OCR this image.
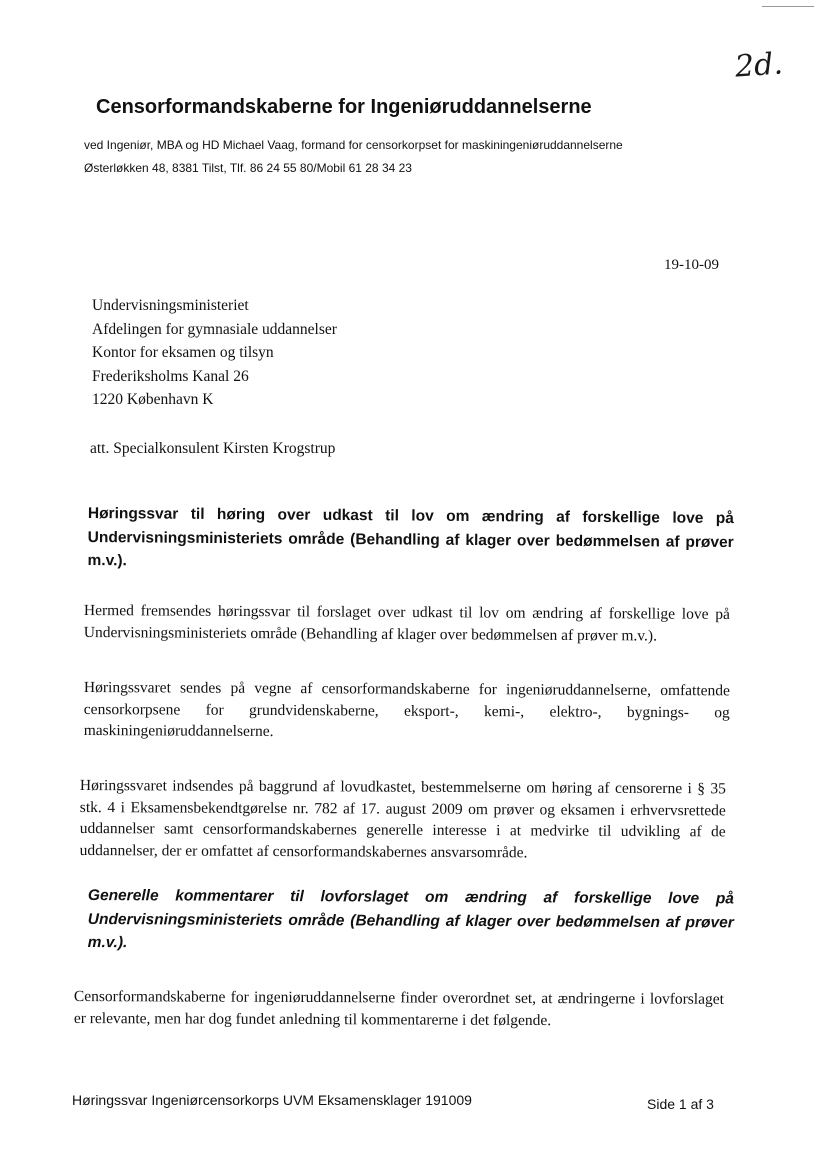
2d.
Censorformandskaberne for Ingeniøruddannelserne
ved Ingeniør, MBA og HD Michael Vaag, formand for censorkorpset for maskiningeniøruddannelserne
Østerløkken 48, 8381 Tilst, Tlf. 86 24 55 80/Mobil 61 28 34 23
19-10-09
Undervisningsministeriet
Afdelingen for gymnasiale uddannelser
Kontor for eksamen og tilsyn
Frederiksholms Kanal 26
1220 København K
att. Specialkonsulent Kirsten Krogstrup
Høringssvar til høring over udkast til lov om ændring af forskellige love på Undervisningsministeriets område (Behandling af klager over bedømmelsen af prøver m.v.).
Hermed fremsendes høringssvar til forslaget over udkast til lov om ændring af forskellige love på Undervisningsministeriets område (Behandling af klager over bedømmelsen af prøver m.v.).
Høringssvaret sendes på vegne af censorformandskaberne for ingeniøruddannelserne, omfattende censorkorpsene for grundvidenskaberne, eksport-, kemi-, elektro-, bygnings- og maskiningeniøruddannelserne.
Høringssvaret indsendes på baggrund af lovudkastet, bestemmelserne om høring af censorerne i § 35 stk. 4 i Eksamensbekendtgørelse nr. 782 af 17. august 2009 om prøver og eksamen i erhvervsrettede uddannelser samt censorformandskabernes generelle interesse i at medvirke til udvikling af de uddannelser, der er omfattet af censorformandskabernes ansvarsområde.
Generelle kommentarer til lovforslaget om ændring af forskellige love på Undervisningsministeriets område (Behandling af klager over bedømmelsen af prøver m.v.).
Censorformandskaberne for ingeniøruddannelserne finder overordnet set, at ændringerne i lovforslaget er relevante, men har dog fundet anledning til kommentarerne i det følgende.
Høringssvar Ingeniørcensorkorps UVM Eksamensklager 191009	Side 1 af 3
